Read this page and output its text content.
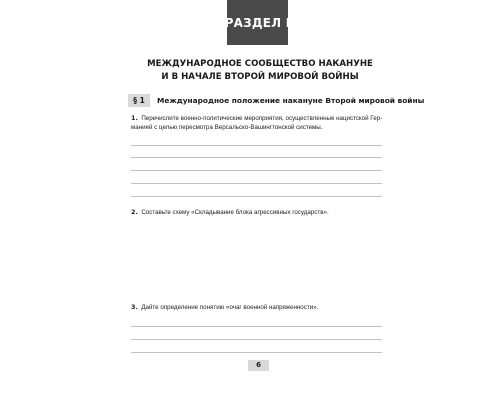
РАЗДЕЛ I
МЕЖДУНАРОДНОЕ СООБЩЕСТВО НАКАНУНЕ
И В НАЧАЛЕ ВТОРОЙ МИРОВОЙ ВОЙНЫ
§ 1	Международное положение накануне Второй мировой войны
1. Перечислите военно-политические мероприятия, осуществленные нацистской Гер-
манией с целью пересмотра Версальско-Вашингтонской системы.
2. Составьте схему «Складывание блока агрессивных государств».
3. Дайте определение понятию «очаг военной напряженности».
6
